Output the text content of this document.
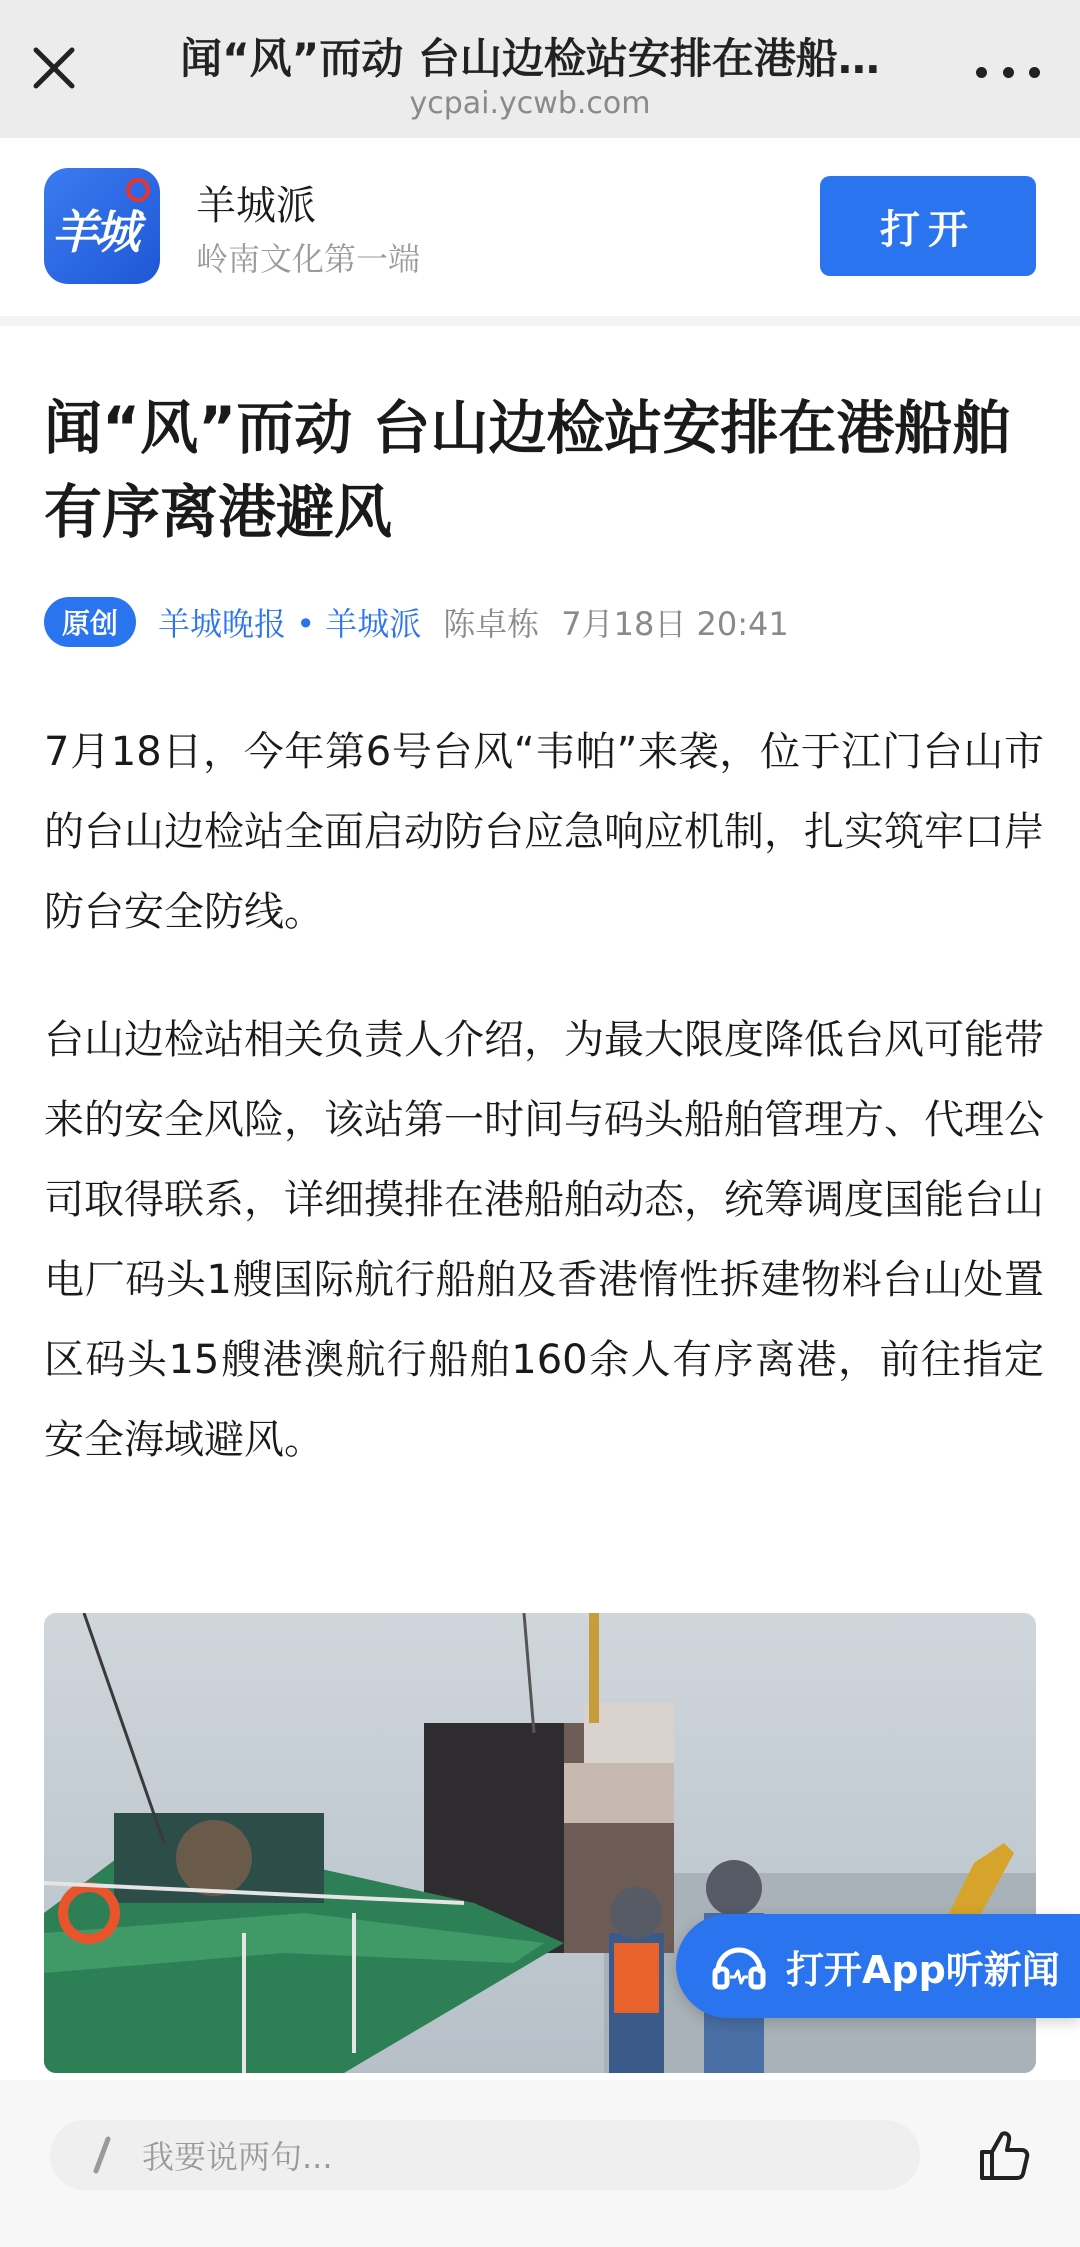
闻“风”而动 台山边检站安排在港船…
ycpai.ycwb.com
羊城 羊城派
岭南文化第一端
打开
闻“风”而动 台山边检站安排在港船舶有序离港避风
原创	羊城晚报 • 羊城派 陈卓栋 7月18日 20:41
7月18日，今年第6号台风“韦帕”来袭，位于江门台山市的台山边检站全面启动防台应急响应机制，扎实筑牢口岸防台安全防线。
台山边检站相关负责人介绍，为最大限度降低台风可能带来的安全风险，该站第一时间与码头船舶管理方、代理公司取得联系，详细摸排在港船舶动态，统筹调度国能台山电厂码头1艘国际航行船舶及香港惰性拆建物料台山处置区码头15艘港澳航行船舶160余人有序离港，前往指定安全海域避风。
打开App听新闻
我要说两句...
